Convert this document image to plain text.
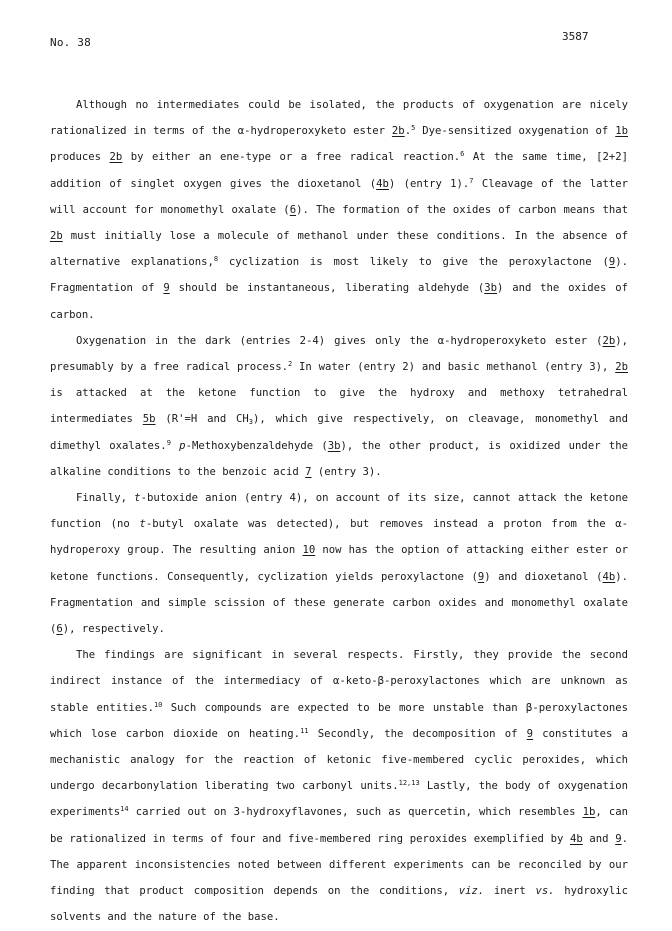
No. 38	3587

Although no intermediates could be isolated, the products of oxygenation are nicely rationalized in terms of the α-hydroperoxyketo ester 2b.$^5$ Dye-sensitized oxygenation of 1b produces 2b by either an ene-type or a free radical reaction.$^6$ At the same time, [2+2] addition of singlet oxygen gives the dioxetanol (4b) (entry 1).$^7$ Cleavage of the latter will account for monomethyl oxalate (6). The formation of the oxides of carbon means that 2b must initially lose a molecule of methanol under these conditions. In the absence of alternative explanations,$^8$ cyclization is most likely to give the peroxylactone (9). Fragmentation of 9 should be instantaneous, liberating aldehyde (3b) and the oxides of carbon.

Oxygenation in the dark (entries 2-4) gives only the α-hydroperoxyketo ester (2b), presumably by a free radical process.$^2$ In water (entry 2) and basic methanol (entry 3), 2b is attacked at the ketone function to give the hydroxy and methoxy tetrahedral intermediates 5b (R'=H and $CH_3$), which give respectively, on cleavage, monomethyl and dimethyl oxalates.$^9$ p-Methoxybenzaldehyde (3b), the other product, is oxidized under the alkaline conditions to the benzoic acid 7 (entry 3).

Finally, t-butoxide anion (entry 4), on account of its size, cannot attack the ketone function (no t-butyl oxalate was detected), but removes instead a proton from the α-hydroperoxy group. The resulting anion 10 now has the option of attacking either ester or ketone functions. Consequently, cyclization yields peroxylactone (9) and dioxetanol (4b). Fragmentation and simple scission of these generate carbon oxides and monomethyl oxalate (6), respectively.

The findings are significant in several respects. Firstly, they provide the second indirect instance of the intermediacy of α-keto-β-peroxylactones which are unknown as stable entities.$^{10}$ Such compounds are expected to be more unstable than β-peroxylactones which lose carbon dioxide on heating.$^{11}$ Secondly, the decomposition of 9 constitutes a mechanistic analogy for the reaction of ketonic five-membered cyclic peroxides, which undergo decarbonylation liberating two carbonyl units.$^{12,13}$ Lastly, the body of oxygenation experiments$^{14}$ carried out on 3-hydroxyflavones, such as quercetin, which resembles 1b, can be rationalized in terms of four and five-membered ring peroxides exemplified by 4b and 9. The apparent inconsistencies noted between different experiments can be reconciled by our finding that product composition depends on the conditions, viz. inert vs. hydroxylic solvents and the nature of the base.
